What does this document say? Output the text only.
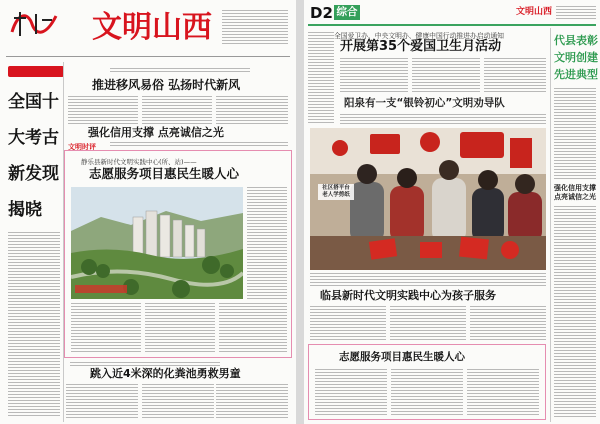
文明山西
全国十大考古新发现揭晓
推进移风易俗 弘扬时代新风
强化信用支撑 点亮诚信之光
文明时评
静乐县新时代文明实践中心(所、站)——
志愿服务项目惠民生暖人心
跳入近4米深的化粪池勇救男童
D2 综合	文明山西
全国爱卫办、中央文明办、健康中国行动推进办启动通知
开展第35个爱国卫生月活动
阳泉有一支“银铃初心”文明劝导队
社区搭平台
老人学剪纸
临县新时代文明实践中心为孩子服务
志愿服务项目惠民生暖人心
代县表彰文明创建先进典型
强化信用支撑
点亮诚信之光
